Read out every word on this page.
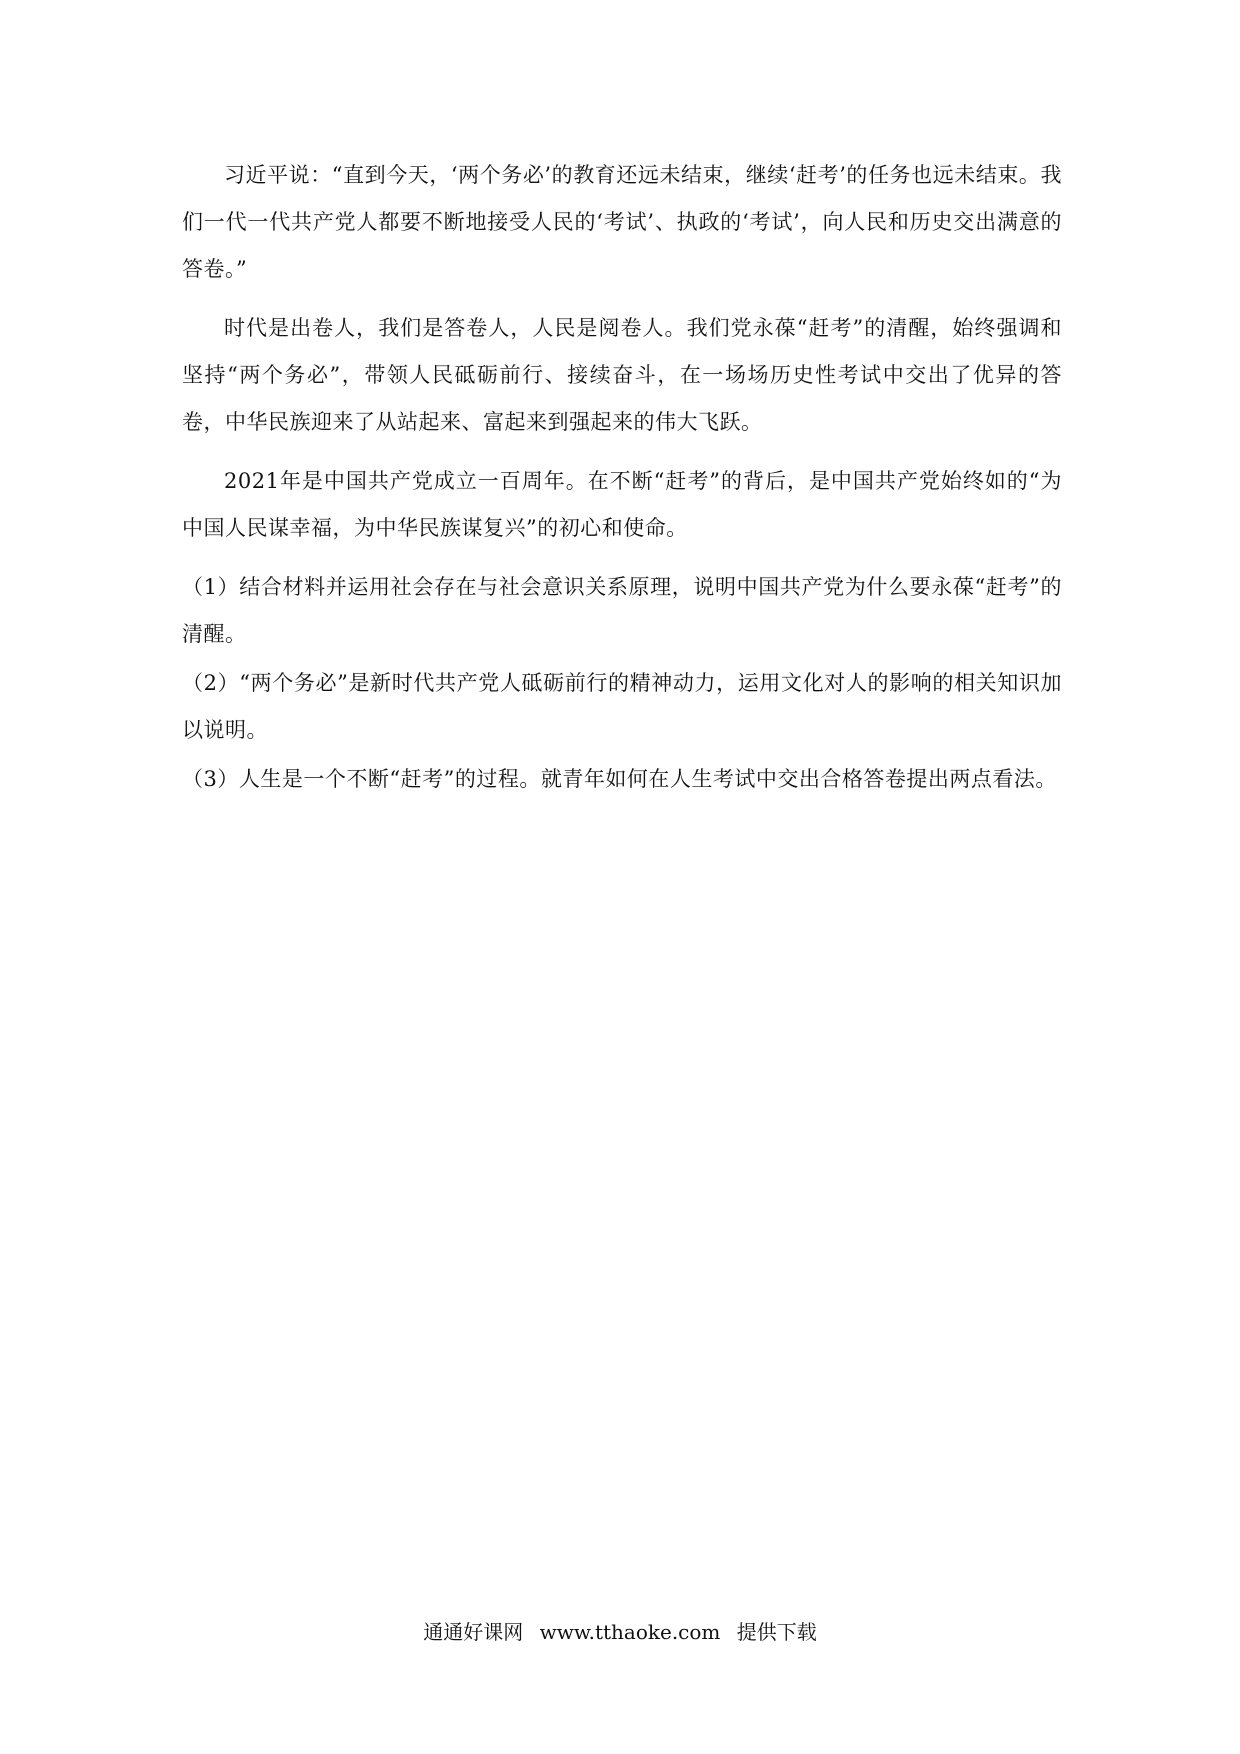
习近平说：“直到今天，‘两个务必’的教育还远未结束，继续‘赶考’的任务也远未结束。我们一代一代共产党人都要不断地接受人民的‘考试’、执政的‘考试’，向人民和历史交出满意的答卷。”

时代是出卷人，我们是答卷人，人民是阅卷人。我们党永葆“赶考”的清醒，始终强调和坚持“两个务必”，带领人民砥砺前行、接续奋斗，在一场场历史性考试中交出了优异的答卷，中华民族迎来了从站起来、富起来到强起来的伟大飞跃。

2021年是中国共产党成立一百周年。在不断“赶考”的背后，是中国共产党始终如的“为中国人民谋幸福，为中华民族谋复兴”的初心和使命。

（1）结合材料并运用社会存在与社会意识关系原理，说明中国共产党为什么要永葆“赶考”的清醒。

（2）“两个务必”是新时代共产党人砥砺前行的精神动力，运用文化对人的影响的相关知识加以说明。

（3）人生是一个不断“赶考”的过程。就青年如何在人生考试中交出合格答卷提出两点看法。

通通好课网 www.tthaoke.com 提供下载
